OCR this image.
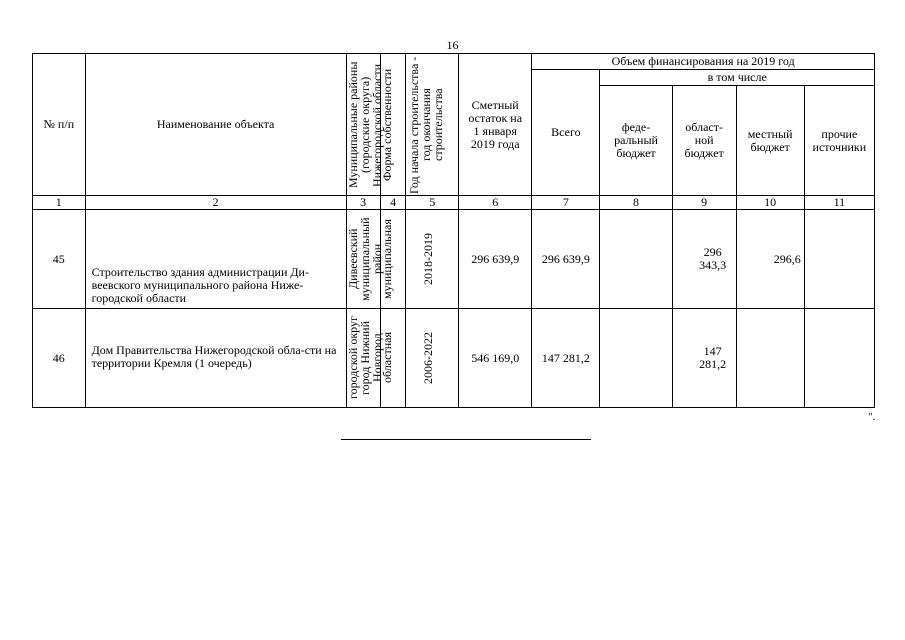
16
№ п/п	Наименование объекта	Муниципальные районы (городские округа) Нижегородской области	Форма собственности	Год начала строительства - год окончания строительства	Сметный остаток на 1 января 2019 года	Объем финансирования на 2019 год				
						Всего	в том числе			

							феде-ральный бюджет	област-ной бюджет	местный бюджет	прочие источники

1	2	3	4	5	6	7	8	9	10	11
45	Строительство здания администрации Ди-веевского муниципального района Ниже-городской области	Дивеевский муниципальный район	муниципальная	2018-2019	296 639,9	296 639,9		296 343,3	296,6	
46	Дом Правительства Нижегородской обла-сти на территории Кремля (1 очередь)	городской округ город Нижний Новгород	областная	2006-2022	546 169,0	147 281,2		147 281,2		

".
